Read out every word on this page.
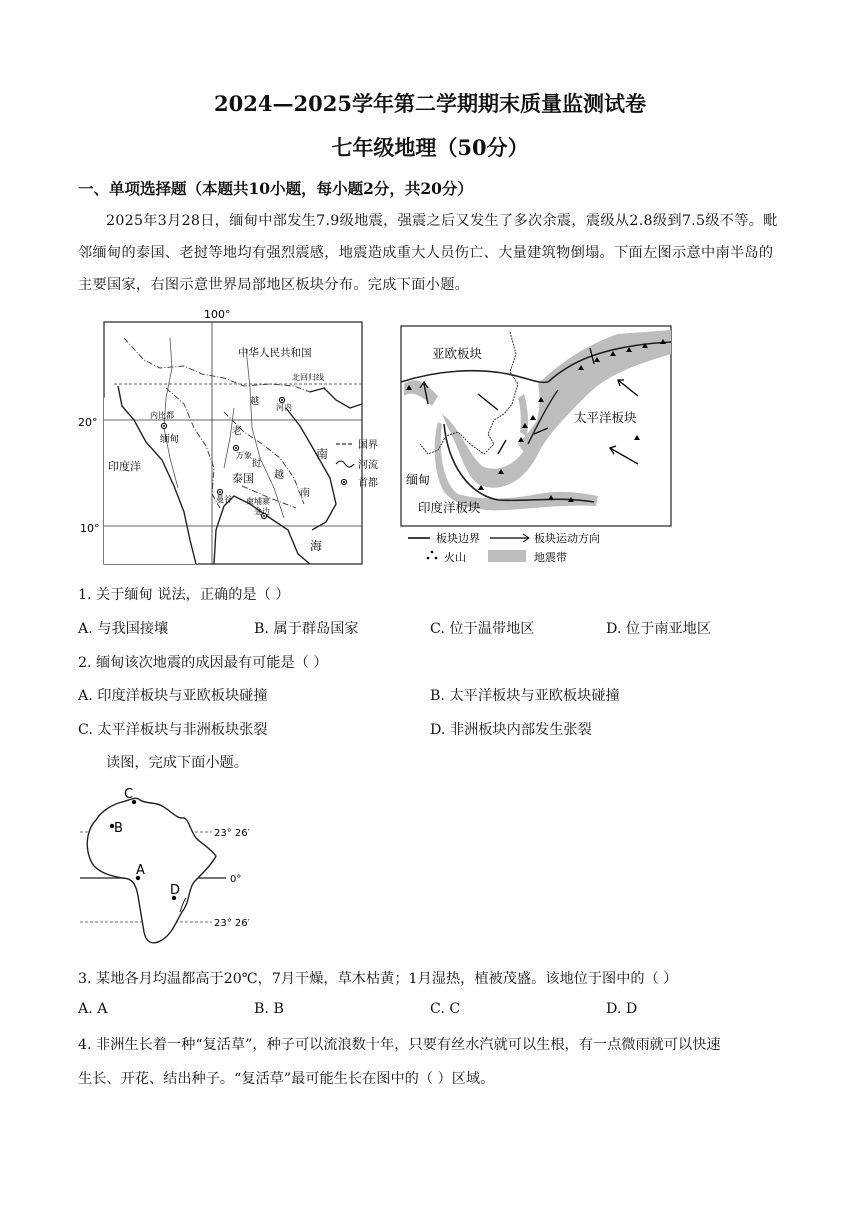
2024—2025学年第二学期期末质量监测试卷
七年级地理（50分）
一、单项选择题（本题共10小题，每小题2分，共20分）
2025年3月28日，缅甸中部发生7.9级地震，强震之后又发生了多次余震，震级从2.8级到7.5级不等。毗邻缅甸的泰国、老挝等地均有强烈震感，地震造成重大人员伤亡、大量建筑物倒塌。下面左图示意中南半岛的主要国家，右图示意世界局部地区板块分布。完成下面小题。
100°
20°
10°
中华人民共和国
北回归线
内比都
河内
缅甸
越
老
万象
泰国
挝
曼谷 柬埔寨
金边
越
南
印度洋
南
海
国界
河流
首都
亚欧板块
太平洋板块
缅甸
印度洋板块
板块边界	板块运动方向
火山	地震带
1. 关于缅甸 说法，正确的是（ ）
A. 与我国接壤	B. 属于群岛国家	C. 位于温带地区	D. 位于南亚地区
2. 缅甸该次地震的成因最有可能是（ ）
A. 印度洋板块与亚欧板块碰撞	B. 太平洋板块与亚欧板块碰撞
C. 太平洋板块与非洲板块张裂	D. 非洲板块内部发生张裂
读图，完成下面小题。
C
B
A
D
23° 26′
0°
23° 26′
3. 某地各月均温都高于20℃，7月干燥，草木枯黄；1月湿热，植被茂盛。该地位于图中的（ ）
A. A	B. B	C. C	D. D
4. 非洲生长着一种“复活草”，种子可以流浪数十年，只要有丝水汽就可以生根，有一点微雨就可以快速
生长、开花、结出种子。“复活草”最可能生长在图中的（ ）区域。
